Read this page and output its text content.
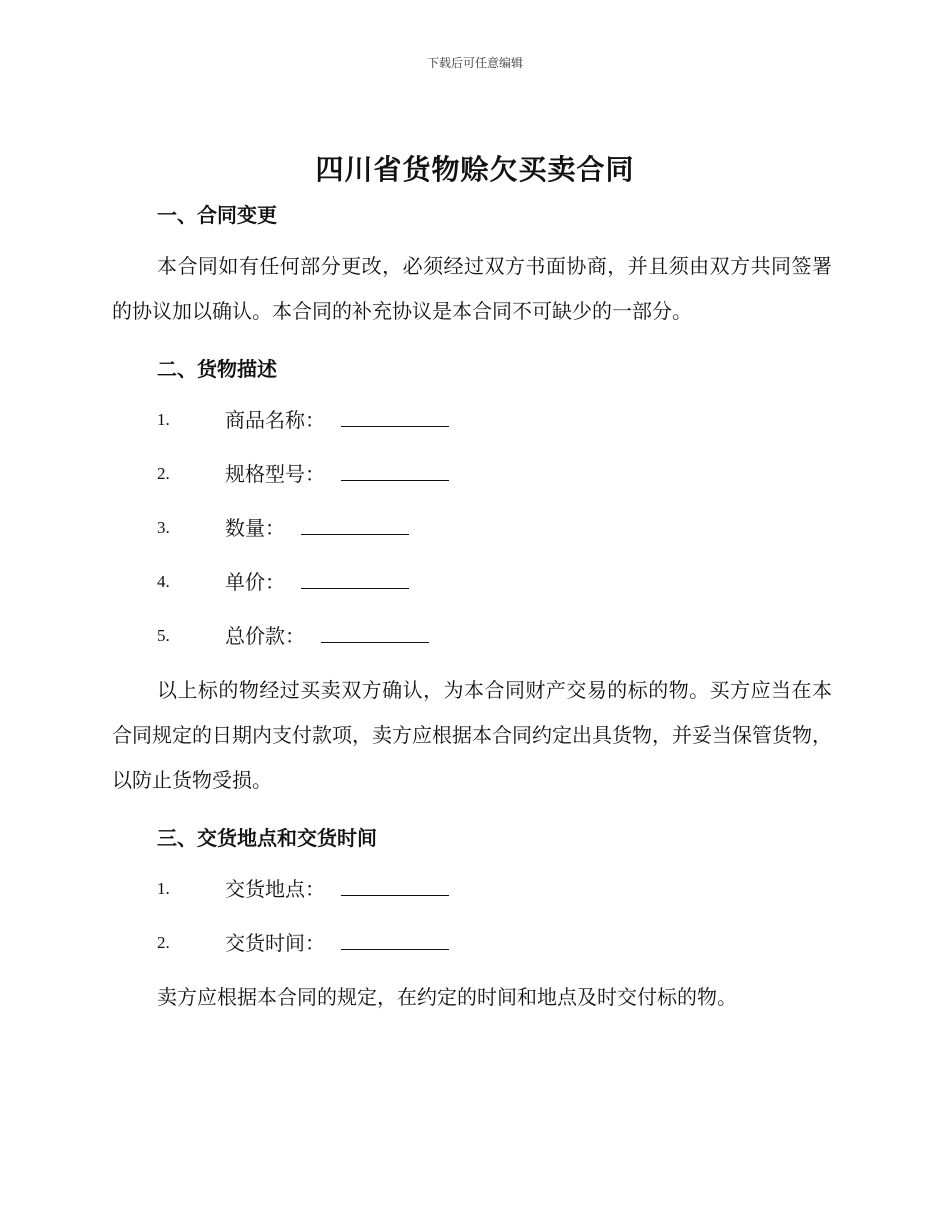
下载后可任意编辑
四川省货物赊欠买卖合同
一、合同变更
本合同如有任何部分更改，必须经过双方书面协商，并且须由双方共同签署的协议加以确认。本合同的补充协议是本合同不可缺少的一部分。
二、货物描述
1.	商品名称：
2.	规格型号：
3.	数量：
4.	单价：
5.	总价款：
以上标的物经过买卖双方确认，为本合同财产交易的标的物。买方应当在本合同规定的日期内支付款项，卖方应根据本合同约定出具货物，并妥当保管货物，以防止货物受损。
三、交货地点和交货时间
1.	交货地点：
2.	交货时间：
卖方应根据本合同的规定，在约定的时间和地点及时交付标的物。
